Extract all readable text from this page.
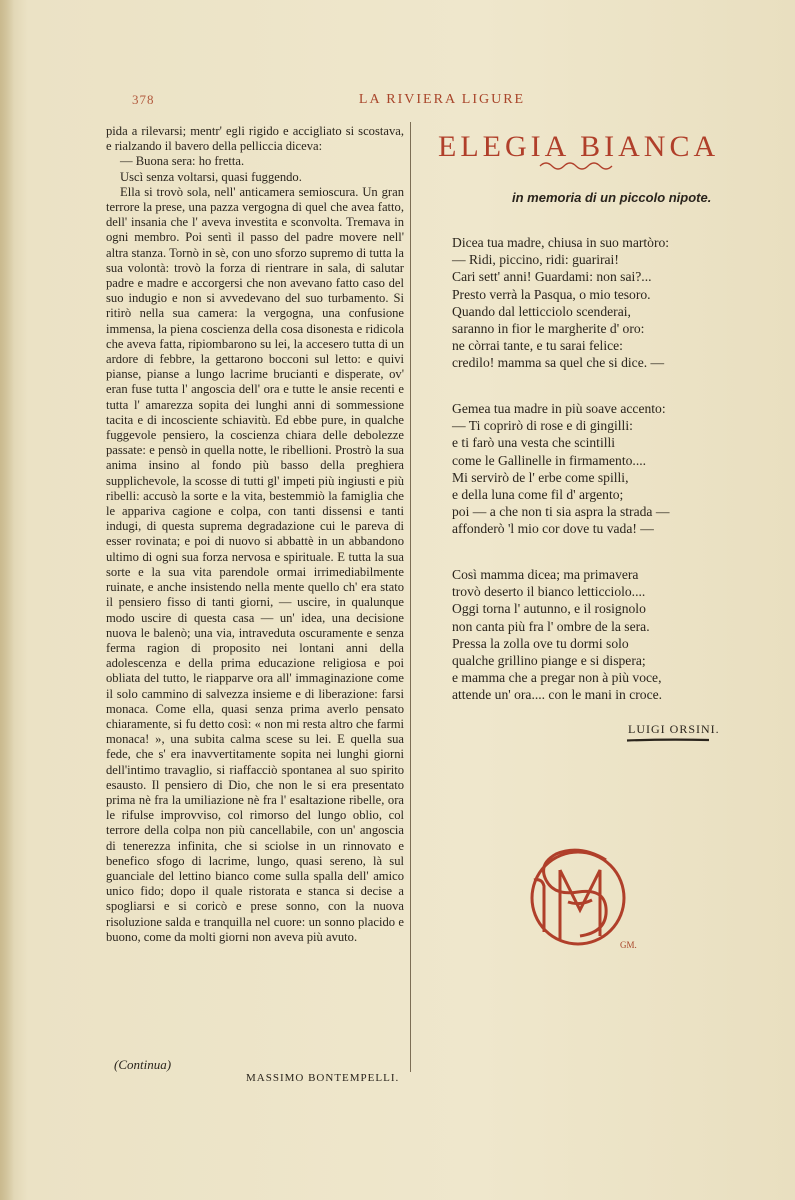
378	LA RIVIERA LIGURE

pida a rilevarsi; mentr' egli rigido e accigliato si scostava, e rialzando il bavero della pelliccia diceva:

— Buona sera: ho fretta.

Uscì senza voltarsi, quasi fuggendo.

Ella si trovò sola, nell' anticamera semioscura. Un gran terrore la prese, una pazza vergogna di quel che avea fatto, dell' insania che l' aveva investita e sconvolta. Tremava in ogni membro. Poi sentì il passo del padre movere nell' altra stanza. Tornò in sè, con uno sforzo supremo di tutta la sua volontà: trovò la forza di rientrare in sala, di salutar padre e madre e accorgersi che non avevano fatto caso del suo indugio e non si avvedevano del suo turbamento. Si ritirò nella sua camera: la vergogna, una confusione immensa, la piena coscienza della cosa disonesta e ridicola che aveva fatta, ripiombarono su lei, la accesero tutta di un ardore di febbre, la gettarono bocconi sul letto: e quivi pianse, pianse a lungo lacrime brucianti e disperate, ov' eran fuse tutta l' angoscia dell' ora e tutte le ansie recenti e tutta l' amarezza sopita dei lunghi anni di sommessione tacita e di incosciente schiavitù. Ed ebbe pure, in qualche fuggevole pensiero, la coscienza chiara delle debolezze passate: e pensò in quella notte, le ribellioni. Prostrò la sua anima insino al fondo più basso della preghiera supplichevole, la scosse di tutti gl' impeti più ingiusti e più ribelli: accusò la sorte e la vita, bestemmiò la famiglia che le appariva cagione e colpa, con tanti dissensi e tanti indugi, di questa suprema degradazione cui le pareva di esser rovinata; e poi di nuovo si abbattè in un abbandono ultimo di ogni sua forza nervosa e spirituale. E tutta la sua sorte e la sua vita parendole ormai irrimediabilmente ruinate, e anche insistendo nella mente quello ch' era stato il pensiero fisso di tanti giorni, — uscire, in qualunque modo uscire di questa casa — un' idea, una decisione nuova le balenò; una via, intraveduta oscuramente e senza ferma ragion di proposito nei lontani anni della adolescenza e della prima educazione religiosa e poi obliata del tutto, le riapparve ora all' immaginazione come il solo cammino di salvezza insieme e di liberazione: farsi monaca. Come ella, quasi senza prima averlo pensato chiaramente, si fu detto così: « non mi resta altro che farmi monaca! », una subita calma scese su lei. E quella sua fede, che s' era inavvertitamente sopita nei lunghi giorni dell'intimo travaglio, si riaffacciò spontanea al suo spirito esausto. Il pensiero di Dio, che non le si era presentato prima nè fra la umiliazione nè fra l' esaltazione ribelle, ora le rifulse improvviso, col rimorso del lungo oblio, col terrore della colpa non più cancellabile, con un' angoscia di tenerezza infinita, che si sciolse in un rinnovato e benefico sfogo di lacrime, lungo, quasi sereno, là sul guanciale del lettino bianco come sulla spalla dell' amico unico fido; dopo il quale ristorata e stanca si decise a spogliarsi e si coricò e prese sonno, con la nuova risoluzione salda e tranquilla nel cuore: un sonno placido e buono, come da molti giorni non aveva più avuto.

(Continua)
MASSIMO BONTEMPELLI.
ELEGIA BIANCA
in memoria di un piccolo nipote.
Dicea tua madre, chiusa in suo martòro:
— Ridi, piccino, ridi: guarirai!
Cari sett' anni! Guardami: non sai?...
Presto verrà la Pasqua, o mio tesoro.
Quando dal letticciolo scenderai,
saranno in fior le margherite d' oro:
ne còrrai tante, e tu sarai felice:
credilo! mamma sa quel che si dice. —
Gemea tua madre in più soave accento:
— Ti coprirò di rose e di gingilli:
e ti farò una vesta che scintilli
come le Gallinelle in firmamento....
Mi servirò de l' erbe come spilli,
e della luna come fil d' argento;
poi — a che non ti sia aspra la strada —
affonderò 'l mio cor dove tu vada! —
Così mamma dicea; ma primavera
trovò deserto il bianco letticciolo....
Oggi torna l' autunno, e il rosignolo
non canta più fra l' ombre de la sera.
Pressa la zolla ove tu dormi solo
qualche grillino piange e si dispera;
e mamma che a pregar non à più voce,
attende un' ora.... con le mani in croce.
LUIGI ORSINI.
GM.
